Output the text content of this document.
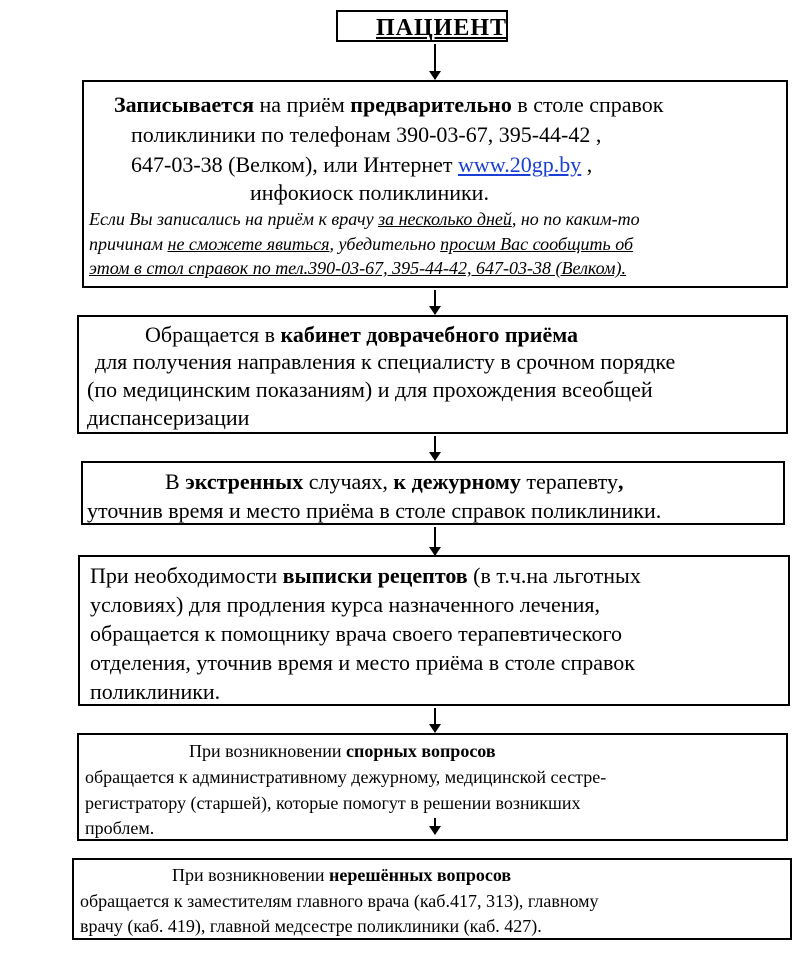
ПАЦИЕНТ
Записывается на приём предварительно в столе справок
поликлиники по телефонам 390-03-67, 395-44-42 ,
647-03-38 (Велком), или Интернет www.20gp.by ,
инфокиоск поликлиники.
Если Вы записались на приём к врачу за несколько дней, но по каким-то
причинам не сможете явиться, убедительно просим Вас сообщить об
этом в стол справок по тел.390-03-67, 395-44-42, 647-03-38 (Велком).
Обращается в кабинет доврачебного приёма
для получения направления к специалисту в срочном порядке
(по медицинским показаниям) и для прохождения всеобщей
диспансеризации
В экстренных случаях, к дежурному терапевту,
уточнив время и место приёма в столе справок поликлиники.
При необходимости выписки рецептов (в т.ч.на льготных
условиях) для продления курса назначенного лечения,
обращается к помощнику врача своего терапевтического
отделения, уточнив время и место приёма в столе справок
поликлиники.
При возникновении спорных вопросов
обращается к административному дежурному, медицинской сестре-
регистратору (старшей), которые помогут в решении возникших
проблем.
При возникновении нерешённых вопросов
обращается к заместителям главного врача (каб.417, 313), главному
врачу (каб. 419), главной медсестре поликлиники (каб. 427).
